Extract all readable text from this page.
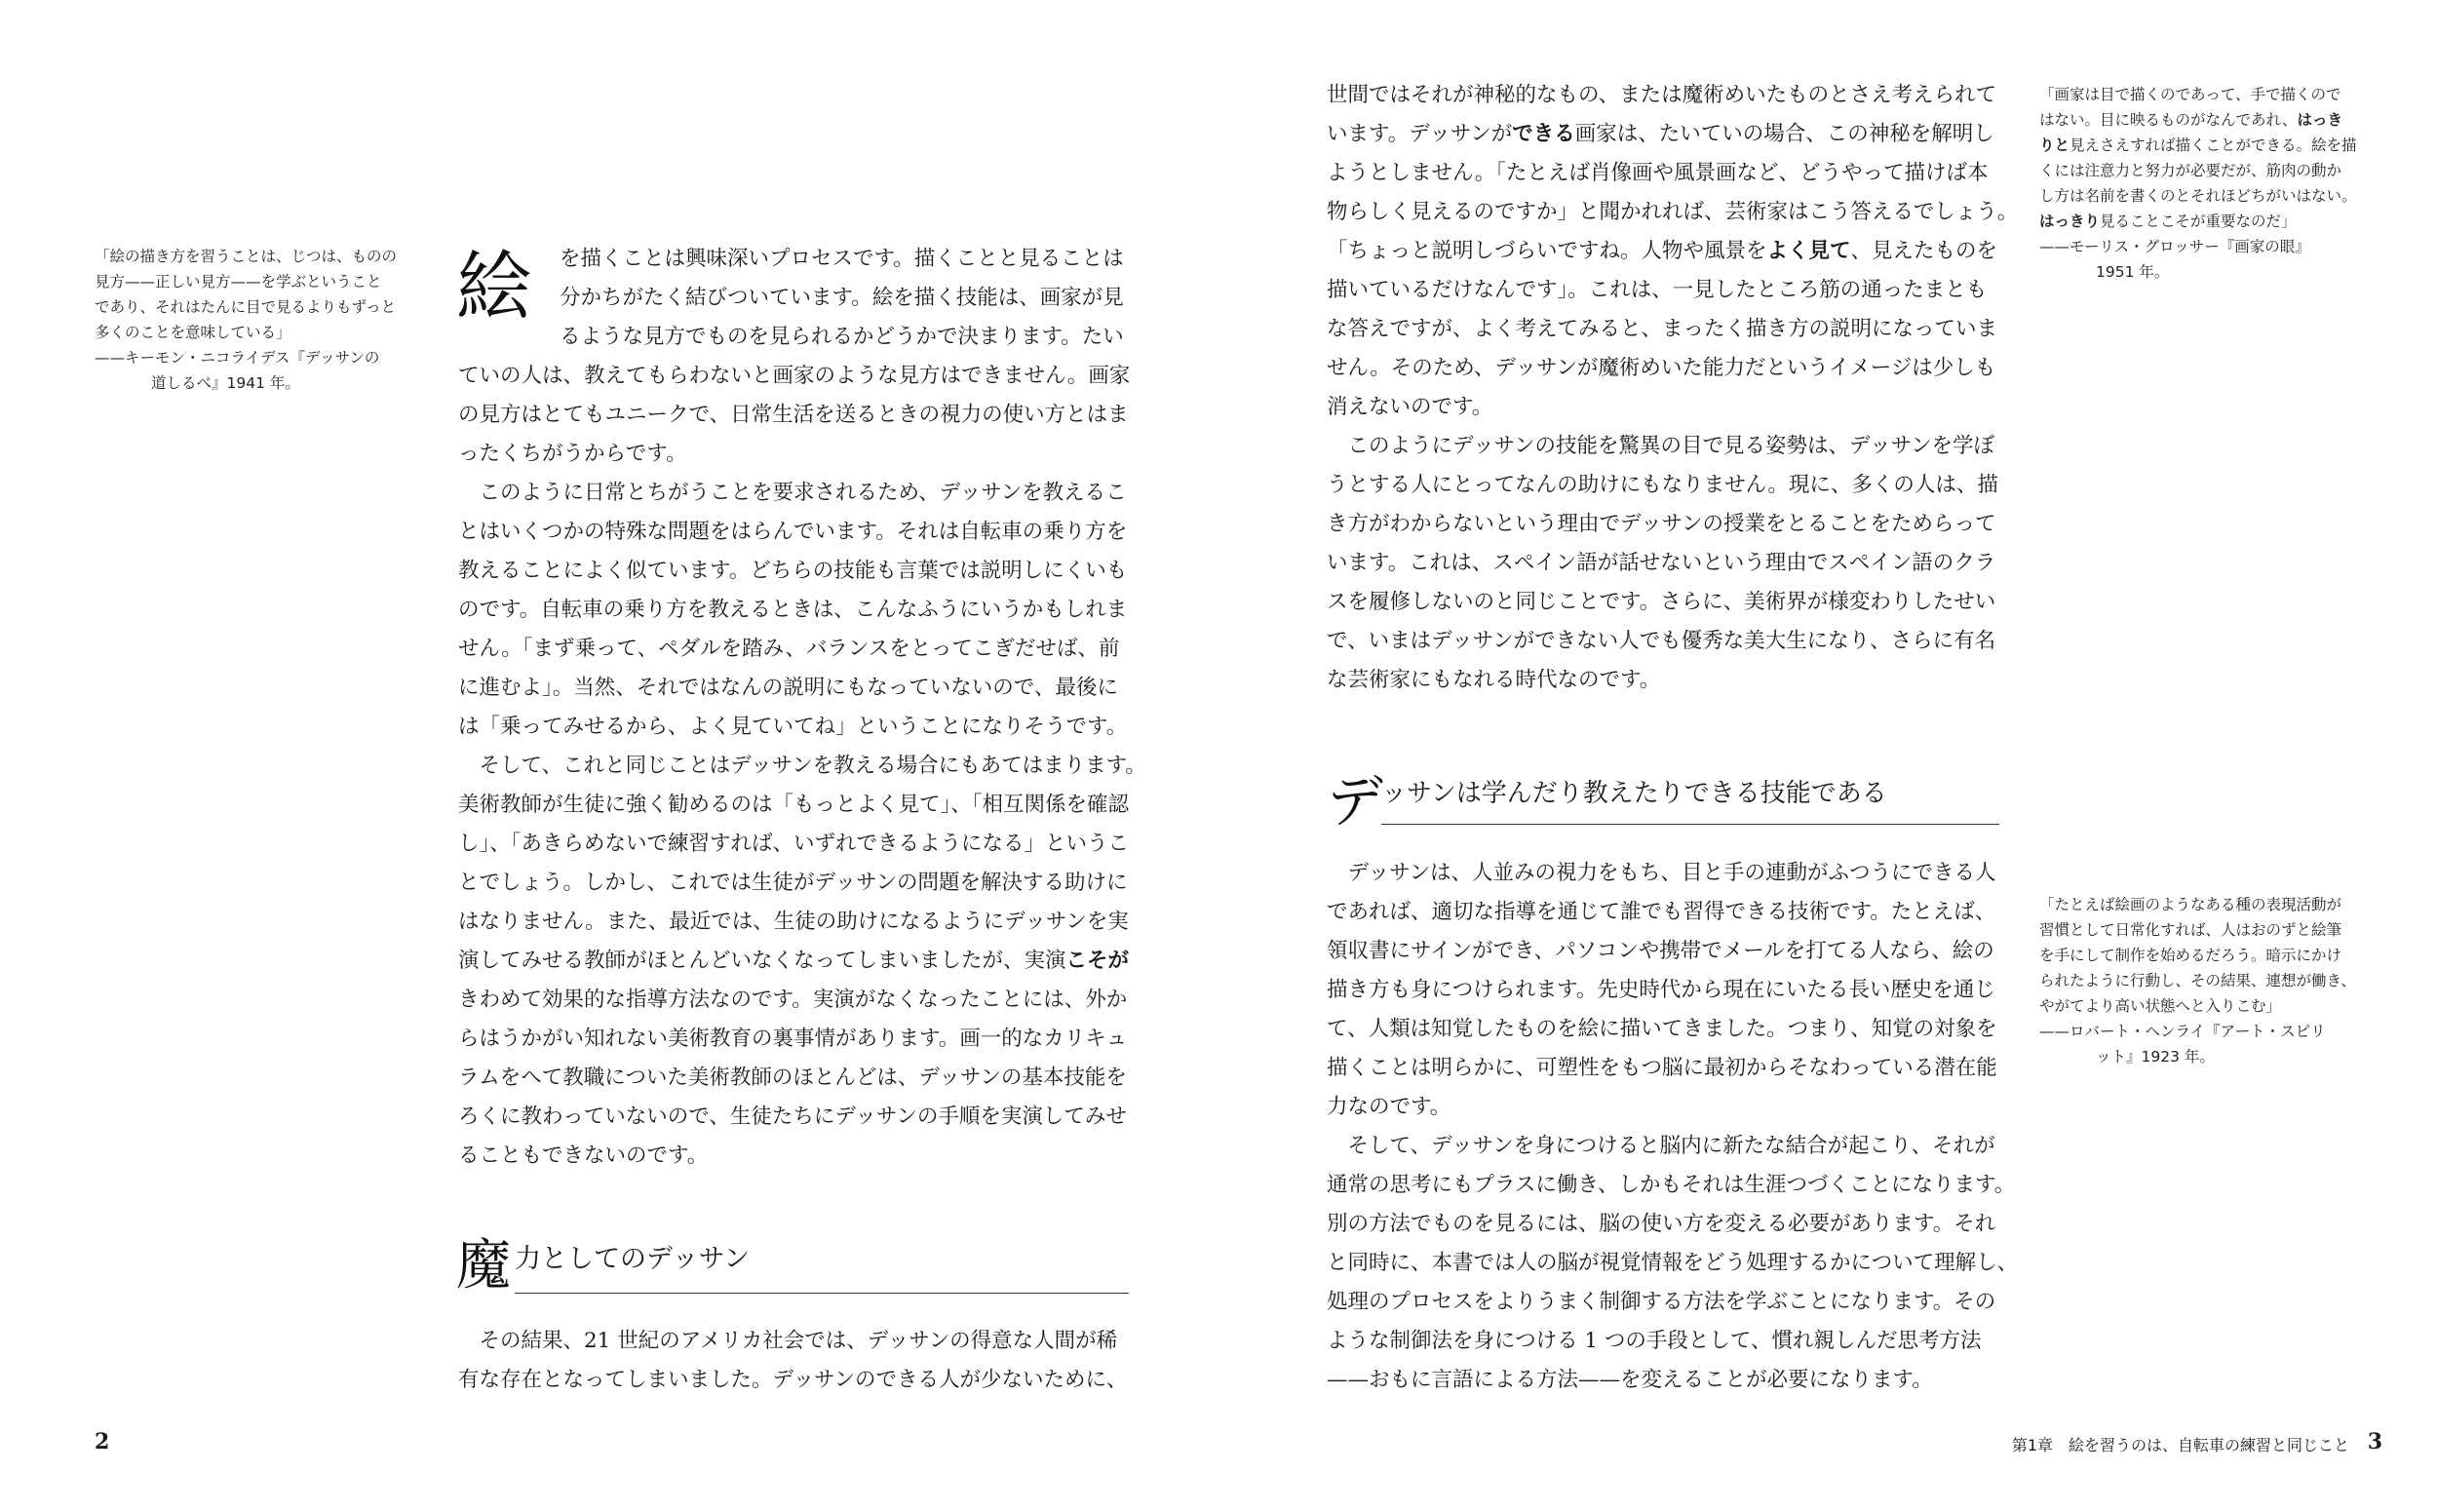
「絵の描き方を習うことは、じつは、ものの
見方——正しい見方——を学ぶということ
であり、それはたんに目で見るよりもずっと
多くのことを意味している」
——キーモン・ニコライデス『デッサンの
道しるべ』1941 年。
絵 を描くことは興味深いプロセスです。描くことと見ることは
分かちがたく結びついています。絵を描く技能は、画家が見
るような見方でものを見られるかどうかで決まります。たい
ていの人は、教えてもらわないと画家のような見方はできません。画家
の見方はとてもユニークで、日常生活を送るときの視力の使い方とはま
ったくちがうからです。
このように日常とちがうことを要求されるため、デッサンを教えるこ
とはいくつかの特殊な問題をはらんでいます。それは自転車の乗り方を
教えることによく似ています。どちらの技能も言葉では説明しにくいも
のです。自転車の乗り方を教えるときは、こんなふうにいうかもしれま
せん。「まず乗って、ペダルを踏み、バランスをとってこぎだせば、前
に進むよ」。当然、それではなんの説明にもなっていないので、最後に
は「乗ってみせるから、よく見ていてね」ということになりそうです。
そして、これと同じことはデッサンを教える場合にもあてはまります。
美術教師が生徒に強く勧めるのは「もっとよく見て」、「相互関係を確認
し」、「あきらめないで練習すれば、いずれできるようになる」というこ
とでしょう。しかし、これでは生徒がデッサンの問題を解決する助けに
はなりません。また、最近では、生徒の助けになるようにデッサンを実
演してみせる教師がほとんどいなくなってしまいましたが、実演こそが
きわめて効果的な指導方法なのです。実演がなくなったことには、外か
らはうかがい知れない美術教育の裏事情があります。画一的なカリキュ
ラムをへて教職についた美術教師のほとんどは、デッサンの基本技能を
ろくに教わっていないので、生徒たちにデッサンの手順を実演してみせ
ることもできないのです。
魔 力としてのデッサン
その結果、21 世紀のアメリカ社会では、デッサンの得意な人間が稀
有な存在となってしまいました。デッサンのできる人が少ないために、
2
世間ではそれが神秘的なもの、または魔術めいたものとさえ考えられて
います。デッサンができる画家は、たいていの場合、この神秘を解明し
ようとしません。「たとえば肖像画や風景画など、どうやって描けば本
物らしく見えるのですか」と聞かれれば、芸術家はこう答えるでしょう。
「ちょっと説明しづらいですね。人物や風景をよく見て、見えたものを
描いているだけなんです」。これは、一見したところ筋の通ったまとも
な答えですが、よく考えてみると、まったく描き方の説明になっていま
せん。そのため、デッサンが魔術めいた能力だというイメージは少しも
消えないのです。
このようにデッサンの技能を驚異の目で見る姿勢は、デッサンを学ぼ
うとする人にとってなんの助けにもなりません。現に、多くの人は、描
き方がわからないという理由でデッサンの授業をとることをためらって
います。これは、スペイン語が話せないという理由でスペイン語のクラ
スを履修しないのと同じことです。さらに、美術界が様変わりしたせい
で、いまはデッサンができない人でも優秀な美大生になり、さらに有名
な芸術家にもなれる時代なのです。
デ
ッサンは学んだり教えたりできる技能である
デッサンは、人並みの視力をもち、目と手の連動がふつうにできる人
であれば、適切な指導を通じて誰でも習得できる技術です。たとえば、
領収書にサインができ、パソコンや携帯でメールを打てる人なら、絵の
描き方も身につけられます。先史時代から現在にいたる長い歴史を通じ
て、人類は知覚したものを絵に描いてきました。つまり、知覚の対象を
描くことは明らかに、可塑性をもつ脳に最初からそなわっている潜在能
力なのです。
そして、デッサンを身につけると脳内に新たな結合が起こり、それが
通常の思考にもプラスに働き、しかもそれは生涯つづくことになります。
別の方法でものを見るには、脳の使い方を変える必要があります。それ
と同時に、本書では人の脳が視覚情報をどう処理するかについて理解し、
処理のプロセスをよりうまく制御する方法を学ぶことになります。その
ような制御法を身につける 1 つの手段として、慣れ親しんだ思考方法
——おもに言語による方法——を変えることが必要になります。
「画家は目で描くのであって、手で描くので
はない。目に映るものがなんであれ、はっき
りと見えさえすれば描くことができる。絵を描
くには注意力と努力が必要だが、筋肉の動か
し方は名前を書くのとそれほどちがいはない。
はっきり見ることこそが重要なのだ」
——モーリス・グロッサー『画家の眼』
1951 年。
「たとえば絵画のようなある種の表現活動が
習慣として日常化すれば、人はおのずと絵筆
を手にして制作を始めるだろう。暗示にかけ
られたように行動し、その結果、連想が働き、
やがてより高い状態へと入りこむ」
——ロバート・ヘンライ『アート・スピリ
ット』1923 年。
第1章　絵を習うのは、自転車の練習と同じこと 3
